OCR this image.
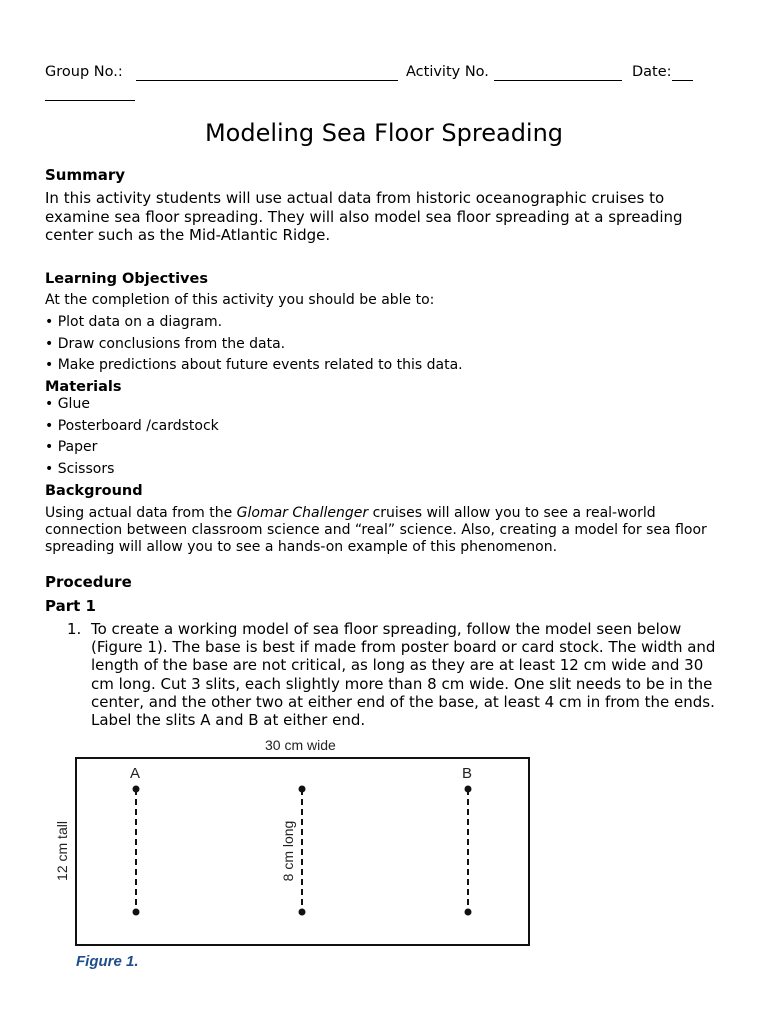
Group No.:	Activity No.	Date:
Modeling Sea Floor Spreading
Summary
In this activity students will use actual data from historic oceanographic cruises to
examine sea floor spreading. They will also model sea floor spreading at a spreading
center such as the Mid-Atlantic Ridge.
Learning Objectives
At the completion of this activity you should be able to:
• Plot data on a diagram.
• Draw conclusions from the data.
• Make predictions about future events related to this data.
Materials
• Glue
• Posterboard /cardstock
• Paper
• Scissors
Background
Using actual data from the Glomar Challenger cruises will allow you to see a real-world
connection between classroom science and “real” science. Also, creating a model for sea floor
spreading will allow you to see a hands-on example of this phenomenon.
Procedure
Part 1
1. To create a working model of sea floor spreading, follow the model seen below
(Figure 1). The base is best if made from poster board or card stock. The width and
length of the base are not critical, as long as they are at least 12 cm wide and 30
cm long. Cut 3 slits, each slightly more than 8 cm wide. One slit needs to be in the
center, and the other two at either end of the base, at least 4 cm in from the ends.
Label the slits A and B at either end.
30 cm wide
12 cm tall
A	B
8 cm long
Figure 1.
